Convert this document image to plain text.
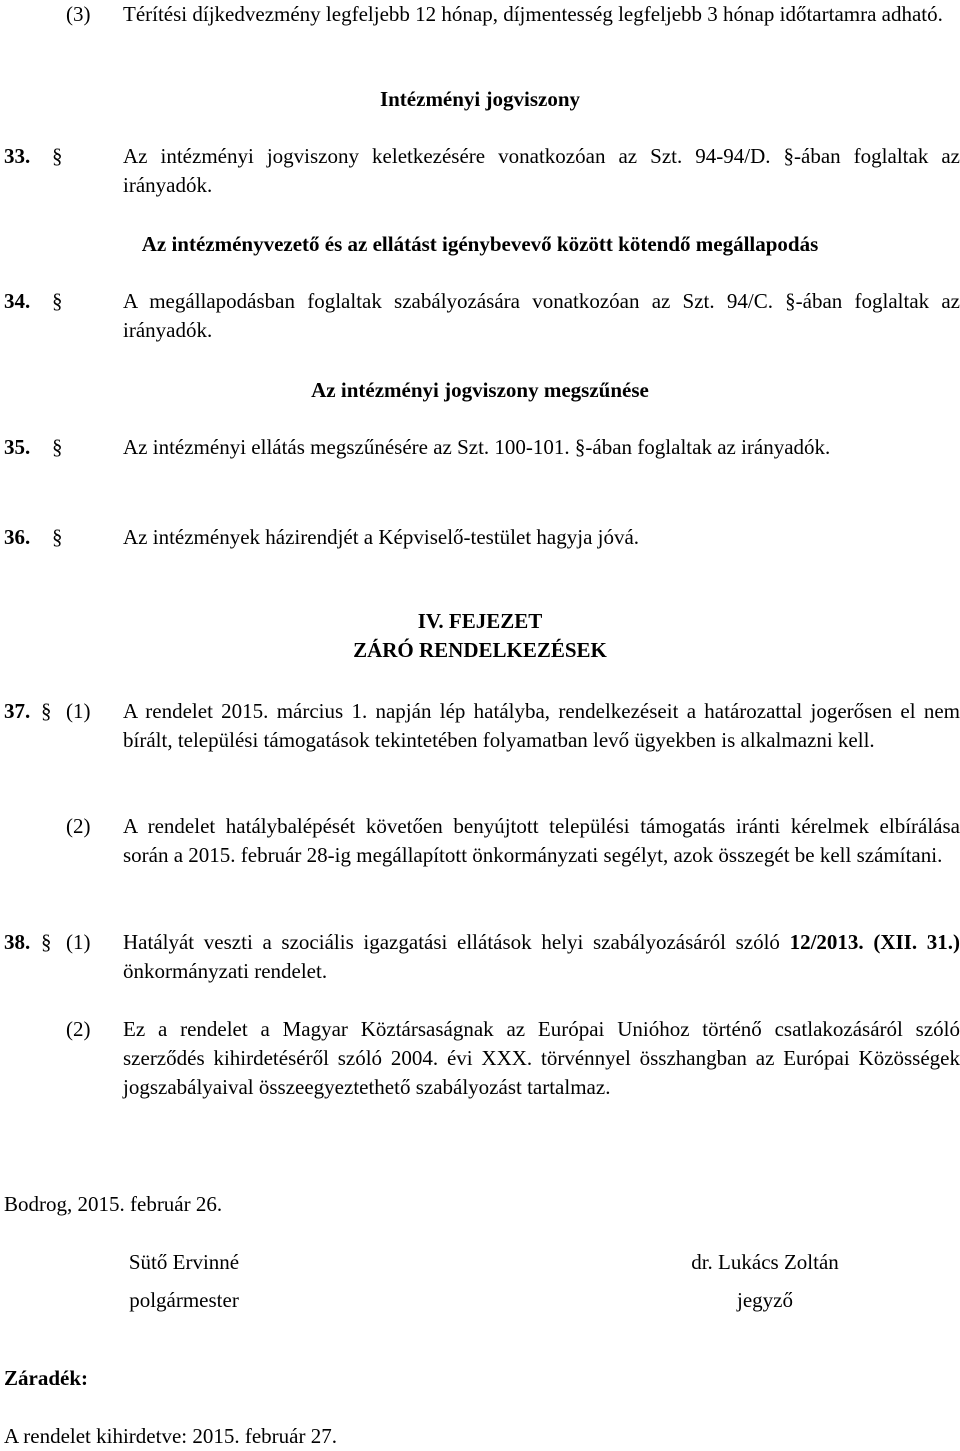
(3) Térítési díjkedvezmény legfeljebb 12 hónap, díjmentesség legfeljebb 3 hónap időtartamra adható.
Intézményi jogviszony
33. §	Az intézményi jogviszony keletkezésére vonatkozóan az Szt. 94-94/D. §-ában foglaltak az irányadók.
Az intézményvezető és az ellátást igénybevevő között kötendő megállapodás
34. §	A megállapodásban foglaltak szabályozására vonatkozóan az Szt. 94/C. §-ában foglaltak az irányadók.
Az intézményi jogviszony megszűnése
35. §	Az intézményi ellátás megszűnésére az Szt. 100-101. §-ában foglaltak az irányadók.
36. §	Az intézmények házirendjét a Képviselő-testület hagyja jóvá.
IV. FEJEZET
ZÁRÓ RENDELKEZÉSEK
37. § (1) A rendelet 2015. március 1. napján lép hatályba, rendelkezéseit a határozattal jogerősen el nem bírált, települési támogatások tekintetében folyamatban levő ügyekben is alkalmazni kell.
(2) A rendelet hatálybalépését követően benyújtott települési támogatás iránti kérelmek elbírálása során a 2015. február 28-ig megállapított önkormányzati segélyt, azok összegét be kell számítani.
38. § (1) Hatályát veszti a szociális igazgatási ellátások helyi szabályozásáról szóló 12/2013. (XII. 31.) önkormányzati rendelet.
(2) Ez a rendelet a Magyar Köztársaságnak az Európai Unióhoz történő csatlakozásáról szóló szerződés kihirdetéséről szóló 2004. évi XXX. törvénnyel összhangban az Európai Közösségek jogszabályaival összeegyeztethető szabályozást tartalmaz.
Bodrog, 2015. február 26.
Sütő Ervinné
polgármester
dr. Lukács Zoltán
jegyző
Záradék:
A rendelet kihirdetve: 2015. február 27.
